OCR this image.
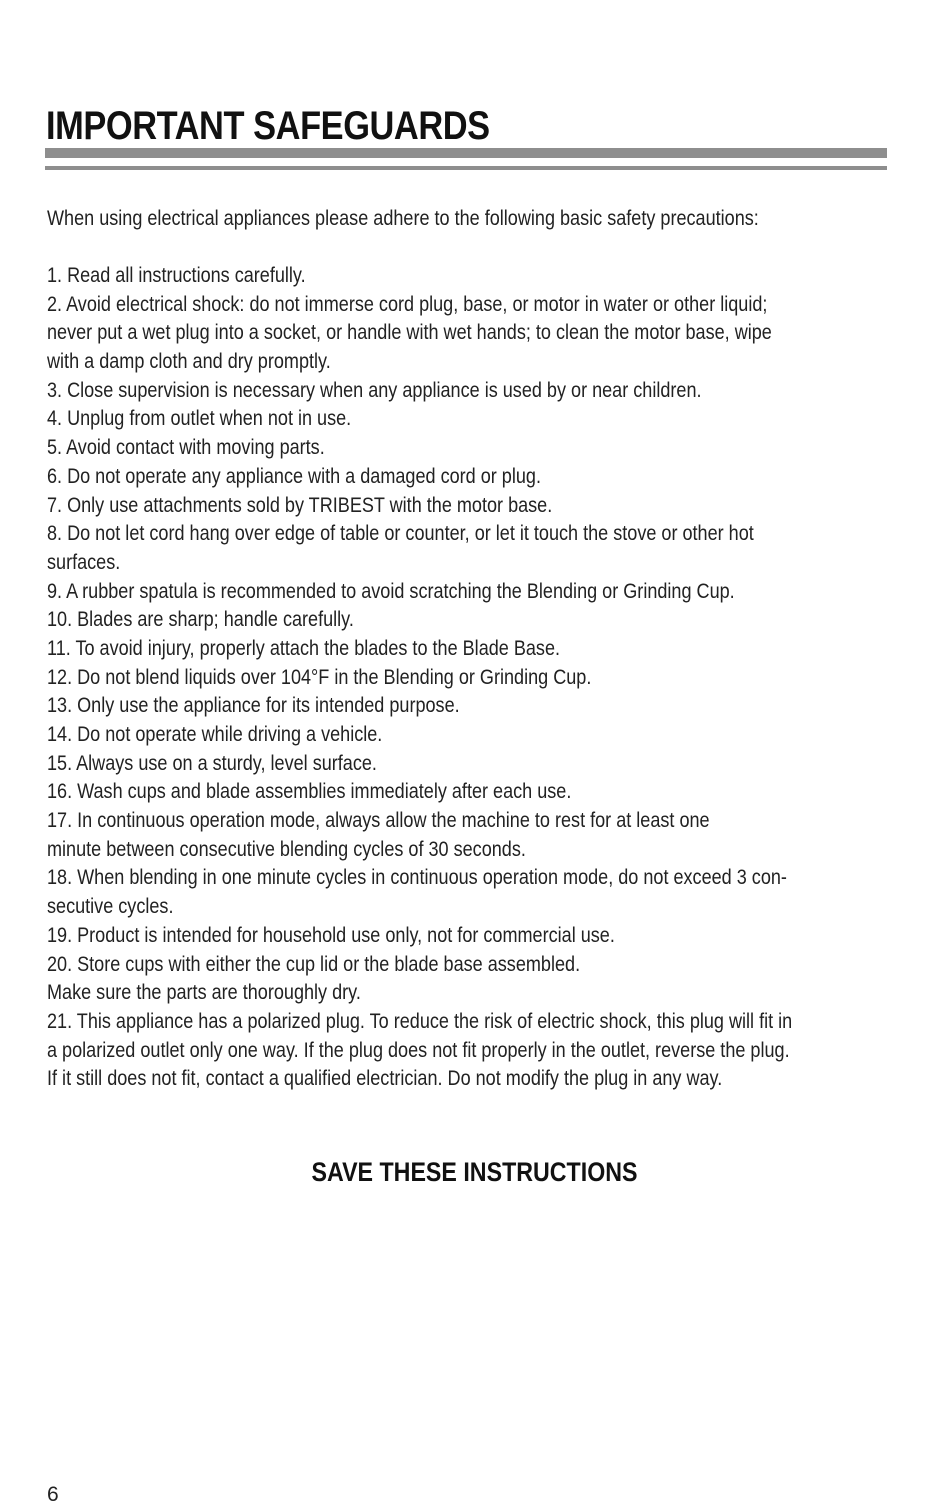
IMPORTANT SAFEGUARDS

When using electrical appliances please adhere to the following basic safety precautions:

1. Read all instructions carefully.
2. Avoid electrical shock: do not immerse cord plug, base, or motor in water or other liquid;
never put a wet plug into a socket, or handle with wet hands; to clean the motor base, wipe
with a damp cloth and dry promptly.
3. Close supervision is necessary when any appliance is used by or near children.
4. Unplug from outlet when not in use.
5. Avoid contact with moving parts.
6. Do not operate any appliance with a damaged cord or plug.
7. Only use attachments sold by TRIBEST with the motor base.
8. Do not let cord hang over edge of table or counter, or let it touch the stove or other hot
surfaces.
9. A rubber spatula is recommended to avoid scratching the Blending or Grinding Cup.
10. Blades are sharp; handle carefully.
11. To avoid injury, properly attach the blades to the Blade Base.
12. Do not blend liquids over 104°F in the Blending or Grinding Cup.
13. Only use the appliance for its intended purpose.
14. Do not operate while driving a vehicle.
15. Always use on a sturdy, level surface.
16. Wash cups and blade assemblies immediately after each use.
17. In continuous operation mode, always allow the machine to rest for at least one
minute between consecutive blending cycles of 30 seconds.
18. When blending in one minute cycles in continuous operation mode, do not exceed 3 con-
secutive cycles.
19. Product is intended for household use only, not for commercial use.
20. Store cups with either the cup lid or the blade base assembled.
Make sure the parts are thoroughly dry.
21. This appliance has a polarized plug. To reduce the risk of electric shock, this plug will fit in
a polarized outlet only one way. If the plug does not fit properly in the outlet, reverse the plug.
If it still does not fit, contact a qualified electrician. Do not modify the plug in any way.
SAVE THESE INSTRUCTIONS

6
